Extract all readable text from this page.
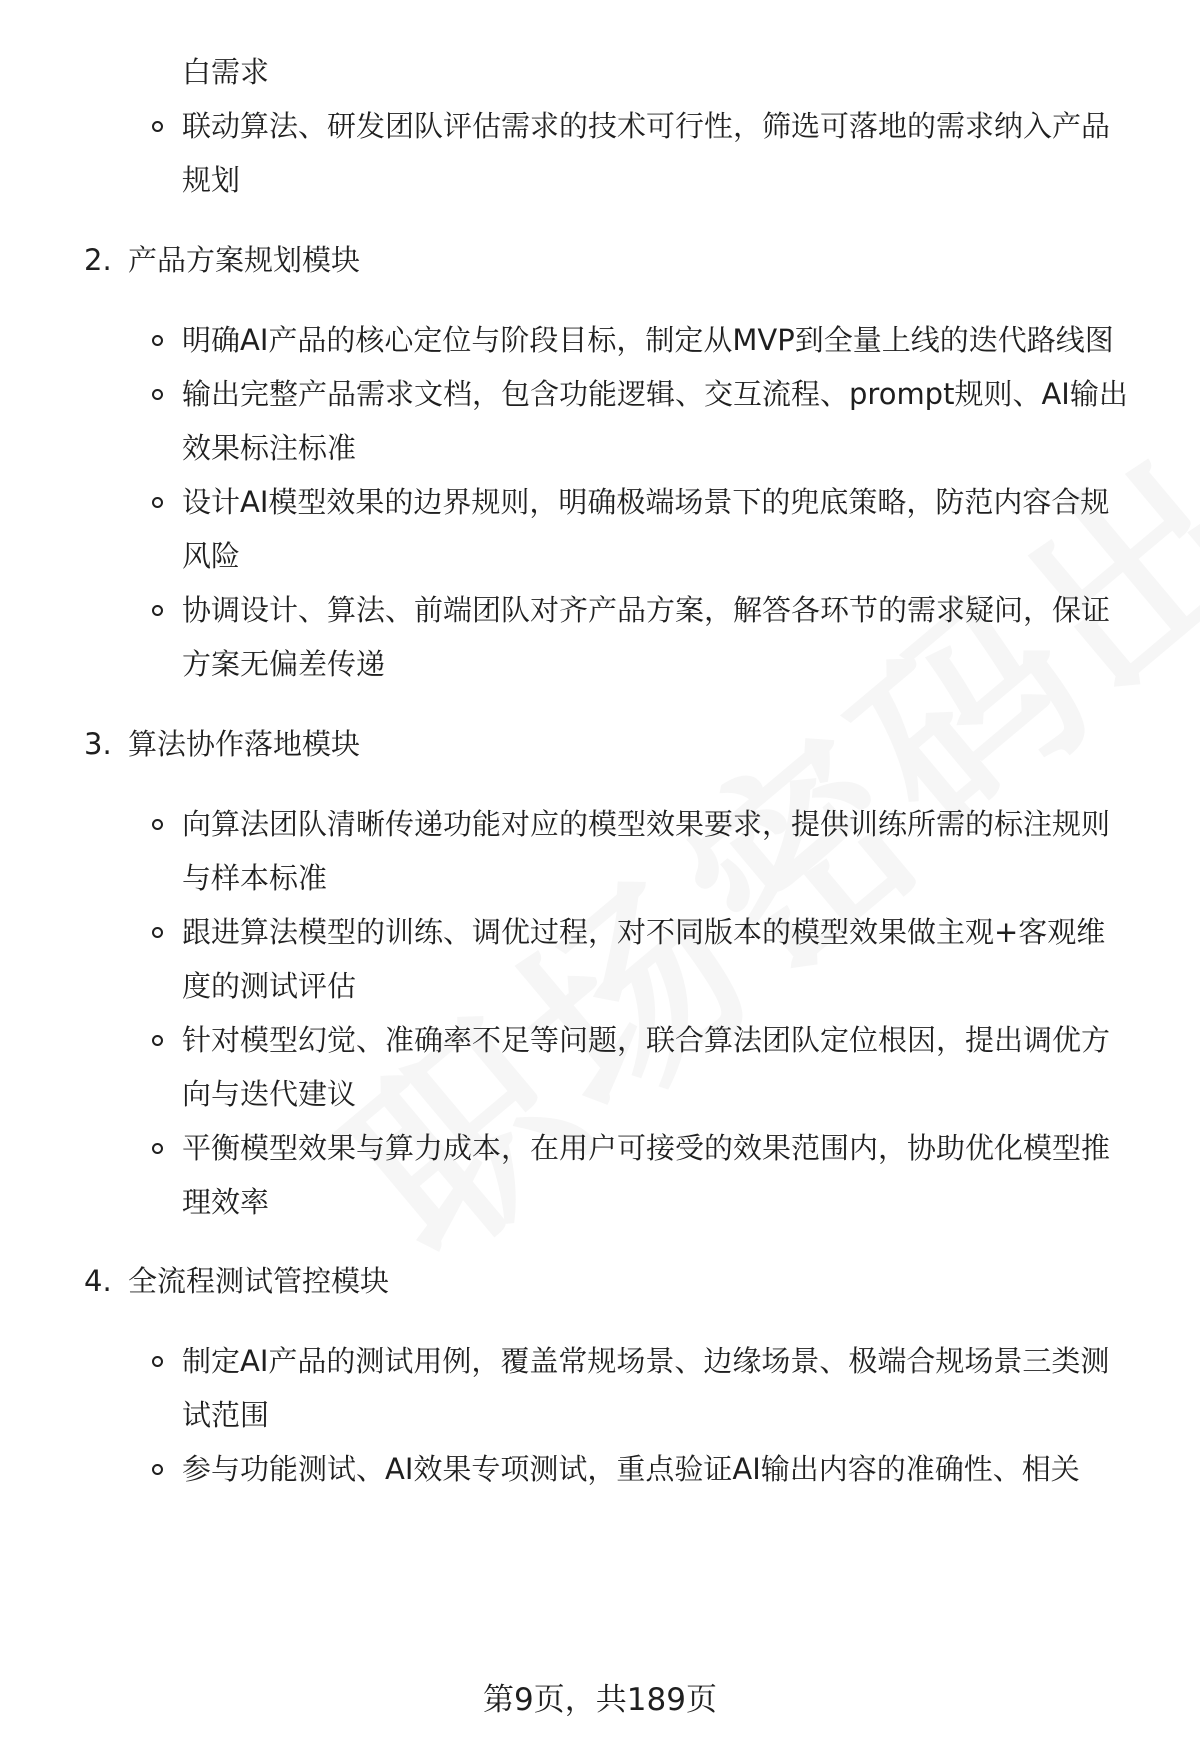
白需求
联动算法、研发团队评估需求的技术可行性，筛选可落地的需求纳入产品
规划
2. 产品方案规划模块
明确AI产品的核心定位与阶段目标，制定从MVP到全量上线的迭代路线图
输出完整产品需求文档，包含功能逻辑、交互流程、prompt规则、AI输出
效果标注标准
设计AI模型效果的边界规则，明确极端场景下的兜底策略，防范内容合规
风险
协调设计、算法、前端团队对齐产品方案，解答各环节的需求疑问，保证
方案无偏差传递
3. 算法协作落地模块
向算法团队清晰传递功能对应的模型效果要求，提供训练所需的标注规则
与样本标准
跟进算法模型的训练、调优过程，对不同版本的模型效果做主观+客观维
度的测试评估
针对模型幻觉、准确率不足等问题，联合算法团队定位根因，提出调优方
向与迭代建议
平衡模型效果与算力成本，在用户可接受的效果范围内，协助优化模型推
理效率
4. 全流程测试管控模块
制定AI产品的测试用例，覆盖常规场景、边缘场景、极端合规场景三类测
试范围
参与功能测试、AI效果专项测试，重点验证AI输出内容的准确性、相关
第9页，共189页
